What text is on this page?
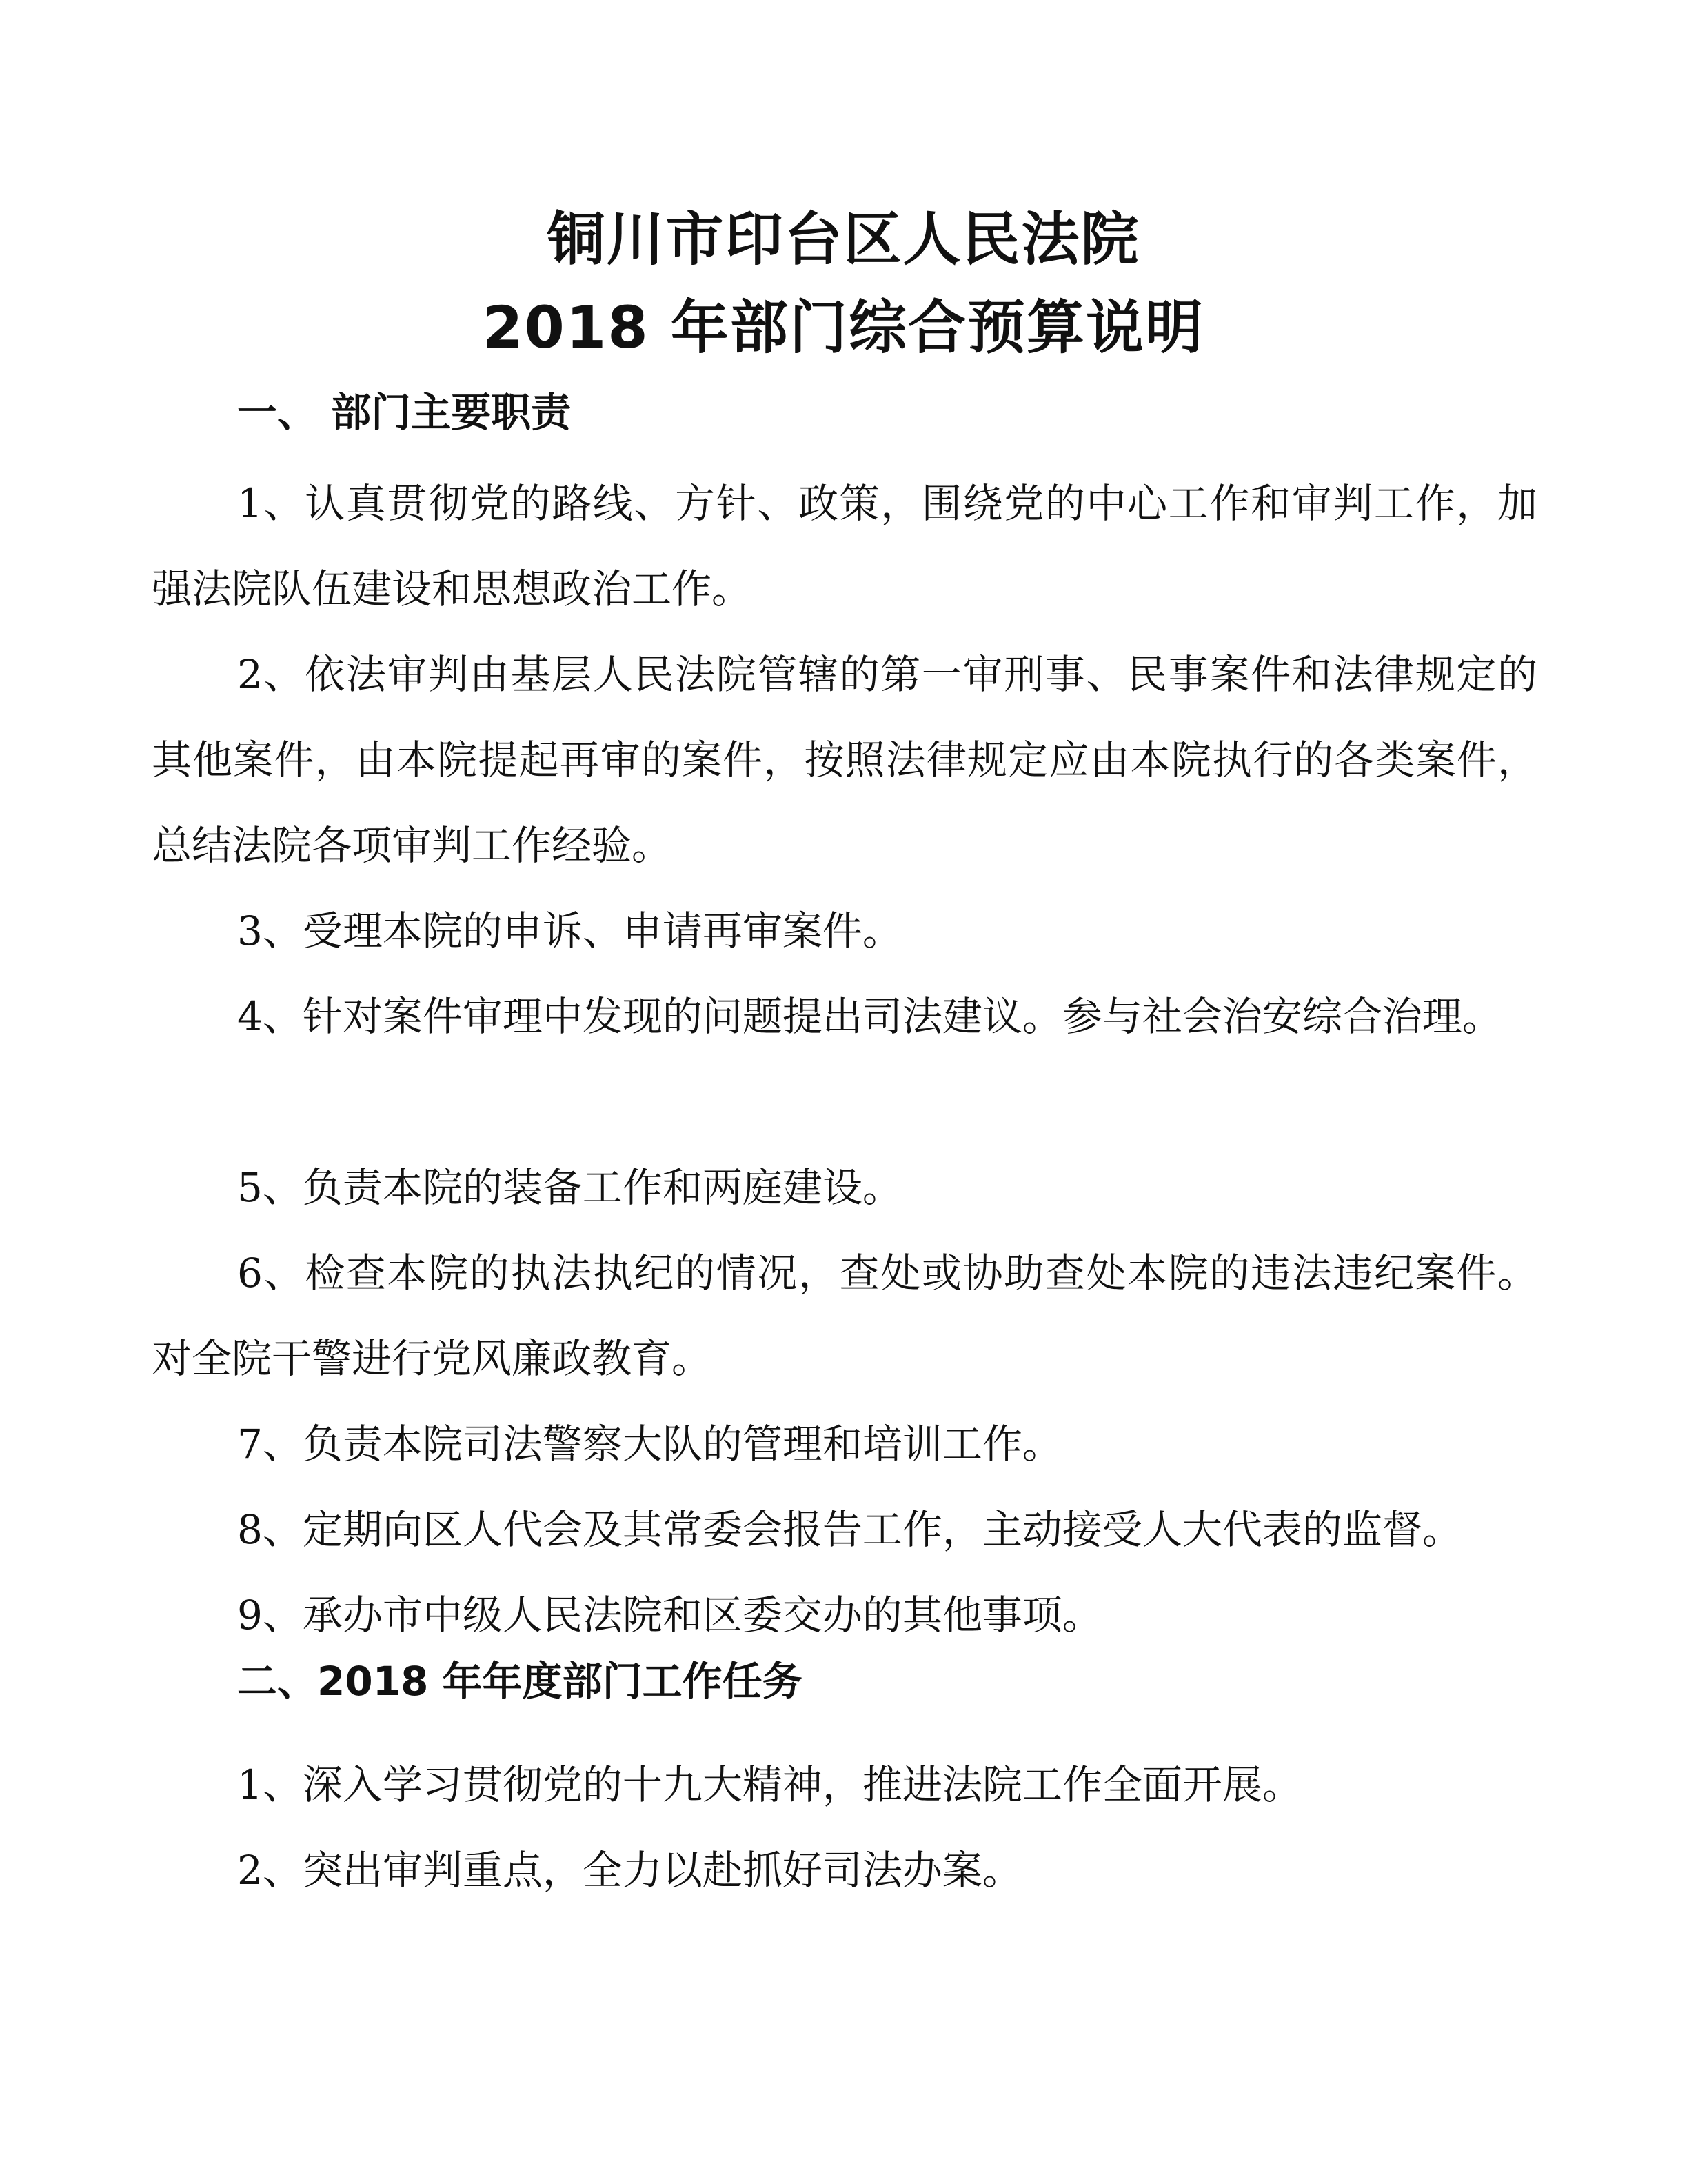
铜川市印台区人民法院
2018 年部门综合预算说明
一、 部门主要职责
1、认真贯彻党的路线、方针、政策，围绕党的中心工作和审判工作，加强法院队伍建设和思想政治工作。
2、依法审判由基层人民法院管辖的第一审刑事、民事案件和法律规定的其他案件，由本院提起再审的案件，按照法律规定应由本院执行的各类案件，总结法院各项审判工作经验。
3、受理本院的申诉、申请再审案件。
4、针对案件审理中发现的问题提出司法建议。参与社会治安综合治理。
5、负责本院的装备工作和两庭建设。
6、检查本院的执法执纪的情况，查处或协助查处本院的违法违纪案件。对全院干警进行党风廉政教育。
7、负责本院司法警察大队的管理和培训工作。
8、定期向区人代会及其常委会报告工作，主动接受人大代表的监督。
9、承办市中级人民法院和区委交办的其他事项。
二、2018 年年度部门工作任务
1、深入学习贯彻党的十九大精神，推进法院工作全面开展。
2、突出审判重点，全力以赴抓好司法办案。
